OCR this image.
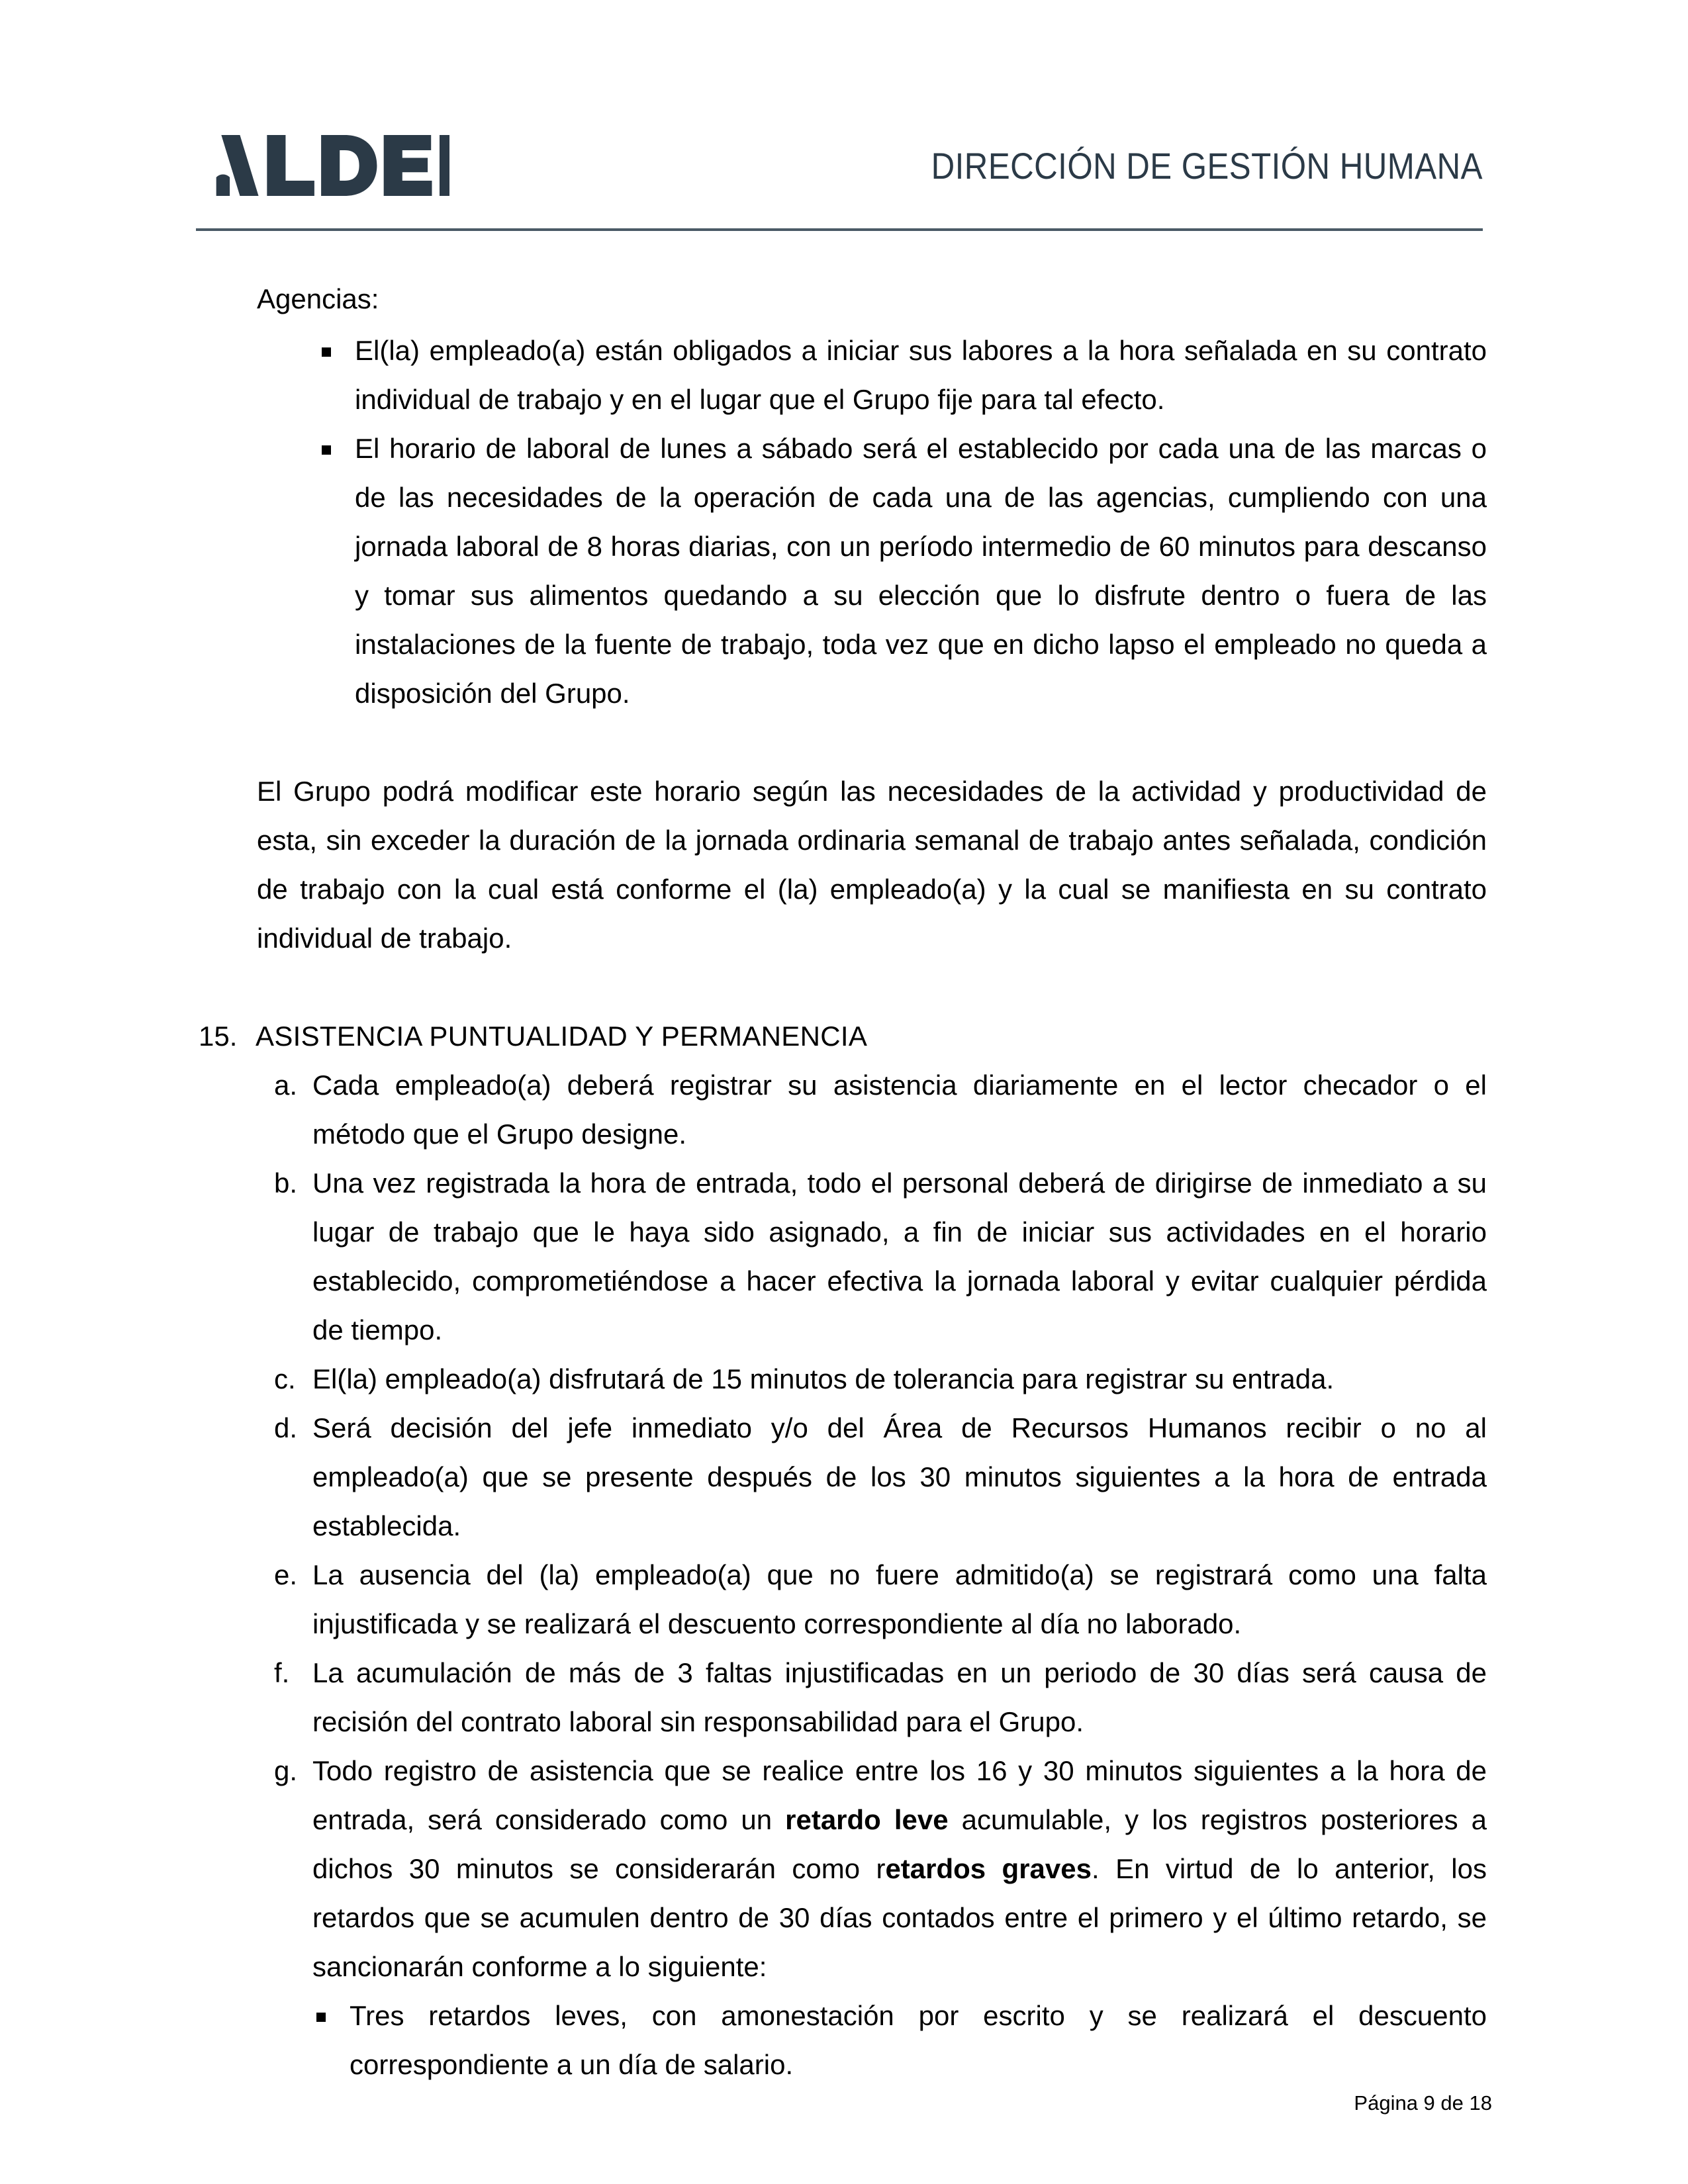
DIRECCIÓN DE GESTIÓN HUMANA
Agencias:
El(la) empleado(a) están obligados a iniciar sus labores a la hora señalada en su contrato individual de trabajo y en el lugar que el Grupo fije para tal efecto.
El horario de laboral de lunes a sábado será el establecido por cada una de las marcas o de las necesidades de la operación de cada una de las agencias, cumpliendo con una jornada laboral de 8 horas diarias, con un período intermedio de 60 minutos para descanso y tomar sus alimentos quedando a su elección que lo disfrute dentro o fuera de las instalaciones de la fuente de trabajo, toda vez que en dicho lapso el empleado no queda a disposición del Grupo.
El Grupo podrá modificar este horario según las necesidades de la actividad y productividad de esta, sin exceder la duración de la jornada ordinaria semanal de trabajo antes señalada, condición de trabajo con la cual está conforme el (la) empleado(a) y la cual se manifiesta en su contrato individual de trabajo.
15. ASISTENCIA PUNTUALIDAD Y PERMANENCIA
a. Cada empleado(a) deberá registrar su asistencia diariamente en el lector checador o el método que el Grupo designe.
b. Una vez registrada la hora de entrada, todo el personal deberá de dirigirse de inmediato a su lugar de trabajo que le haya sido asignado, a fin de iniciar sus actividades en el horario establecido, comprometiéndose a hacer efectiva la jornada laboral y evitar cualquier pérdida de tiempo.
c. El(la) empleado(a) disfrutará de 15 minutos de tolerancia para registrar su entrada.
d. Será decisión del jefe inmediato y/o del Área de Recursos Humanos recibir o no al empleado(a) que se presente después de los 30 minutos siguientes a la hora de entrada establecida.
e. La ausencia del (la) empleado(a) que no fuere admitido(a) se registrará como una falta injustificada y se realizará el descuento correspondiente al día no laborado.
f. La acumulación de más de 3 faltas injustificadas en un periodo de 30 días será causa de recisión del contrato laboral sin responsabilidad para el Grupo.
g. Todo registro de asistencia que se realice entre los 16 y 30 minutos siguientes a la hora de entrada, será considerado como un retardo leve acumulable, y los registros posteriores a dichos 30 minutos se considerarán como retardos graves. En virtud de lo anterior, los retardos que se acumulen dentro de 30 días contados entre el primero y el último retardo, se sancionarán conforme a lo siguiente:
Tres retardos leves, con amonestación por escrito y se realizará el descuento correspondiente a un día de salario.
Página 9 de 18
